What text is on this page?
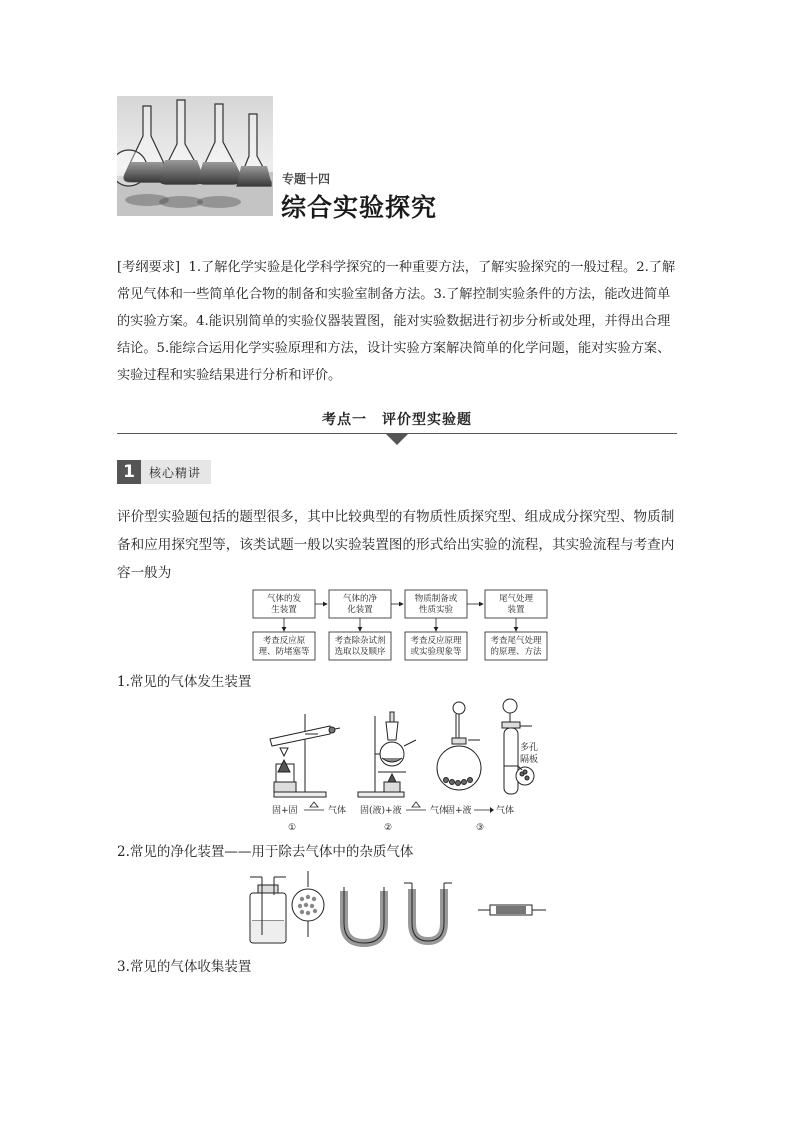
专题十四
综合实验探究
[考纲要求] 1.了解化学实验是化学科学探究的一种重要方法，了解实验探究的一般过程。2.了解常见气体和一些简单化合物的制备和实验室制备方法。3.了解控制实验条件的方法，能改进简单的实验方案。4.能识别简单的实验仪器装置图，能对实验数据进行初步分析或处理，并得出合理结论。5.能综合运用化学实验原理和方法，设计实验方案解决简单的化学问题，能对实验方案、实验过程和实验结果进行分析和评价。
考点一　评价型实验题
1	核心精讲
评价型实验题包括的题型很多，其中比较典型的有物质性质探究型、组成成分探究型、物质制备和应用探究型等，该类试题一般以实验装置图的形式给出实验的流程，其实验流程与考查内容一般为
气体的发
生装置
气体的净
化装置
物质制备或
性质实验
尾气处理
装置
考查反应原
理、防堵塞等
考查除杂试剂
选取以及顺序
考查反应原理
或实验现象等
考查尾气处理
的原理、方法
1.常见的气体发生装置
固+固	气体 固(液)+液	气体
固+液	气体
①	②	③
多孔
隔板
2.常见的净化装置——用于除去气体中的杂质气体
3.常见的气体收集装置
